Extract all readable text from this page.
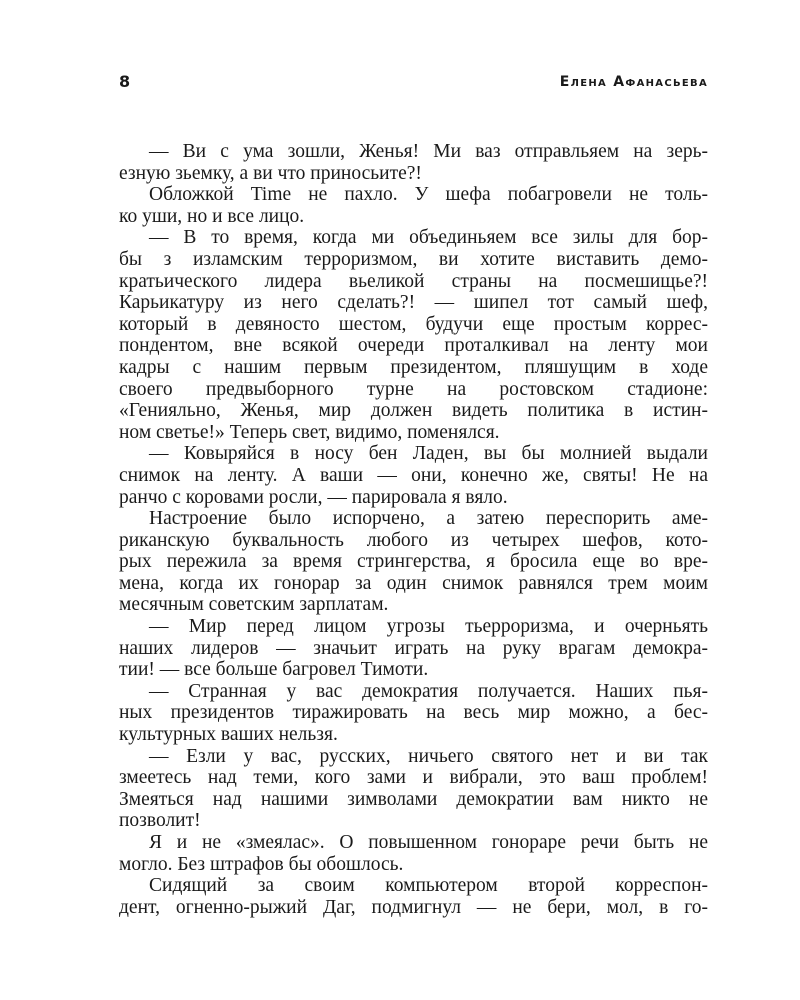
8	Елена Афанасьева
— Ви с ума зошли, Женья! Ми ваз отправльяем на зерь-
езную зьемку, а ви что приносьите?!
Обложкой Time не пахло. У шефа побагровели не толь-
ко уши, но и все лицо.
— В то время, когда ми объединьяем все зилы для бор-
бы з изламским терроризмом, ви хотите виставить демо-
кратьического лидера вьеликой страны на посмешищье?!
Карьикатуру из него сделать?! — шипел тот самый шеф,
который в девяносто шестом, будучи еще простым коррес-
пондентом, вне всякой очереди проталкивал на ленту мои
кадры с нашим первым президентом, пляшущим в ходе
своего предвыборного турне на ростовском стадионе:
«Генияльно, Женья, мир должен видеть политика в истин-
ном светье!» Теперь свет, видимо, поменялся.
— Ковыряйся в носу бен Ладен, вы бы молнией выдали
снимок на ленту. А ваши — они, конечно же, святы! Не на
ранчо с коровами росли, — парировала я вяло.
Настроение было испорчено, а затею переспорить аме-
риканскую буквальность любого из четырех шефов, кото-
рых пережила за время стрингерства, я бросила еще во вре-
мена, когда их гонорар за один снимок равнялся трем моим
месячным советским зарплатам.
— Мир перед лицом угрозы тьерроризма, и очерньять
наших лидеров — значьит играть на руку врагам демокра-
тии! — все больше багровел Тимоти.
— Странная у вас демократия получается. Наших пья-
ных президентов тиражировать на весь мир можно, а бес-
культурных ваших нельзя.
— Езли у вас, русских, ничьего святого нет и ви так
змеетесь над теми, кого зами и вибрали, это ваш проблем!
Змеяться над нашими зимволами демократии вам никто не
позволит!
Я и не «змеялас». О повышенном гонораре речи быть не
могло. Без штрафов бы обошлось.
Сидящий за своим компьютером второй корреспон-
дент, огненно-рыжий Даг, подмигнул — не бери, мол, в го-
